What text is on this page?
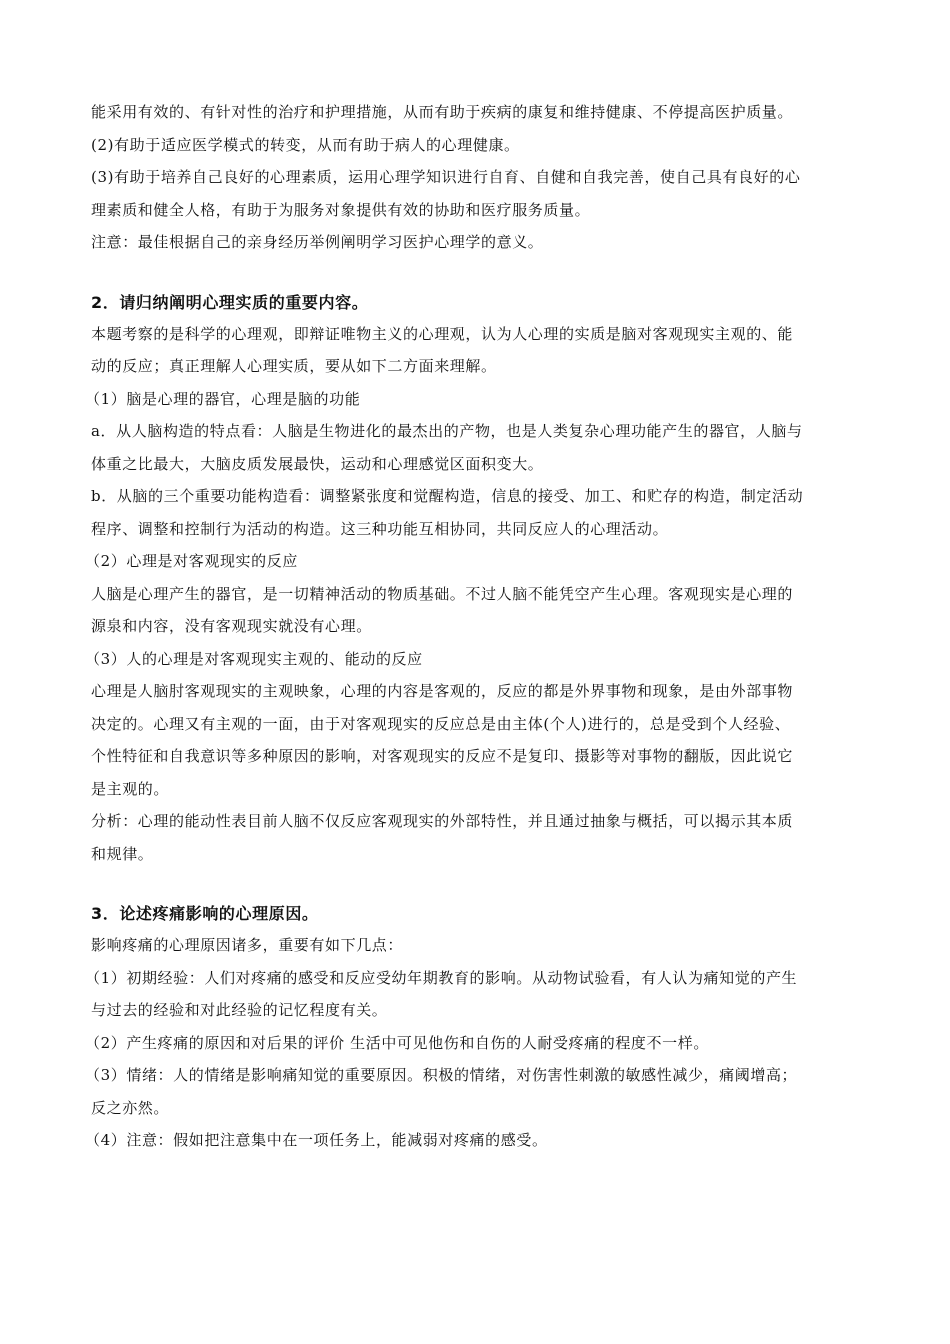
能采用有效的、有针对性的治疗和护理措施，从而有助于疾病的康复和维持健康、不停提高医护质量。

(2)有助于适应医学模式的转变，从而有助于病人的心理健康。

(3)有助于培养自己良好的心理素质，运用心理学知识进行自育、自健和自我完善，使自己具有良好的心

理素质和健全人格，有助于为服务对象提供有效的协助和医疗服务质量。

注意：最佳根据自己的亲身经历举例阐明学习医护心理学的意义。

2．请归纳阐明心理实质的重要内容。

本题考察的是科学的心理观，即辩证唯物主义的心理观，认为人心理的实质是脑对客观现实主观的、能

动的反应；真正理解人心理实质，要从如下二方面来理解。

（1）脑是心理的器官，心理是脑的功能

a．从人脑构造的特点看：人脑是生物进化的最杰出的产物，也是人类复杂心理功能产生的器官，人脑与

体重之比最大，大脑皮质发展最快，运动和心理感觉区面积变大。

b．从脑的三个重要功能构造看：调整紧张度和觉醒构造，信息的接受、加工、和贮存的构造，制定活动

程序、调整和控制行为活动的构造。这三种功能互相协同，共同反应人的心理活动。

（2）心理是对客观现实的反应

人脑是心理产生的器官，是一切精神活动的物质基础。不过人脑不能凭空产生心理。客观现实是心理的

源泉和内容，没有客观现实就没有心理。

（3）人的心理是对客观现实主观的、能动的反应

心理是人脑肘客观现实的主观映象，心理的内容是客观的，反应的都是外界事物和现象，是由外部事物

决定的。心理又有主观的一面，由于对客观现实的反应总是由主体(个人)进行的，总是受到个人经验、

个性特征和自我意识等多种原因的影响，对客观现实的反应不是复印、摄影等对事物的翻版，因此说它

是主观的。

分析：心理的能动性表目前人脑不仅反应客观现实的外部特性，并且通过抽象与概括，可以揭示其本质

和规律。

3．论述疼痛影响的心理原因。

影响疼痛的心理原因诸多，重要有如下几点：

（1）初期经验：人们对疼痛的感受和反应受幼年期教育的影响。从动物试验看，有人认为痛知觉的产生

与过去的经验和对此经验的记忆程度有关。

（2）产生疼痛的原因和对后果的评价 生活中可见他伤和自伤的人耐受疼痛的程度不一样。

（3）情绪：人的情绪是影响痛知觉的重要原因。积极的情绪，对伤害性刺激的敏感性减少，痛阈增高；

反之亦然。

（4）注意：假如把注意集中在一项任务上，能减弱对疼痛的感受。
